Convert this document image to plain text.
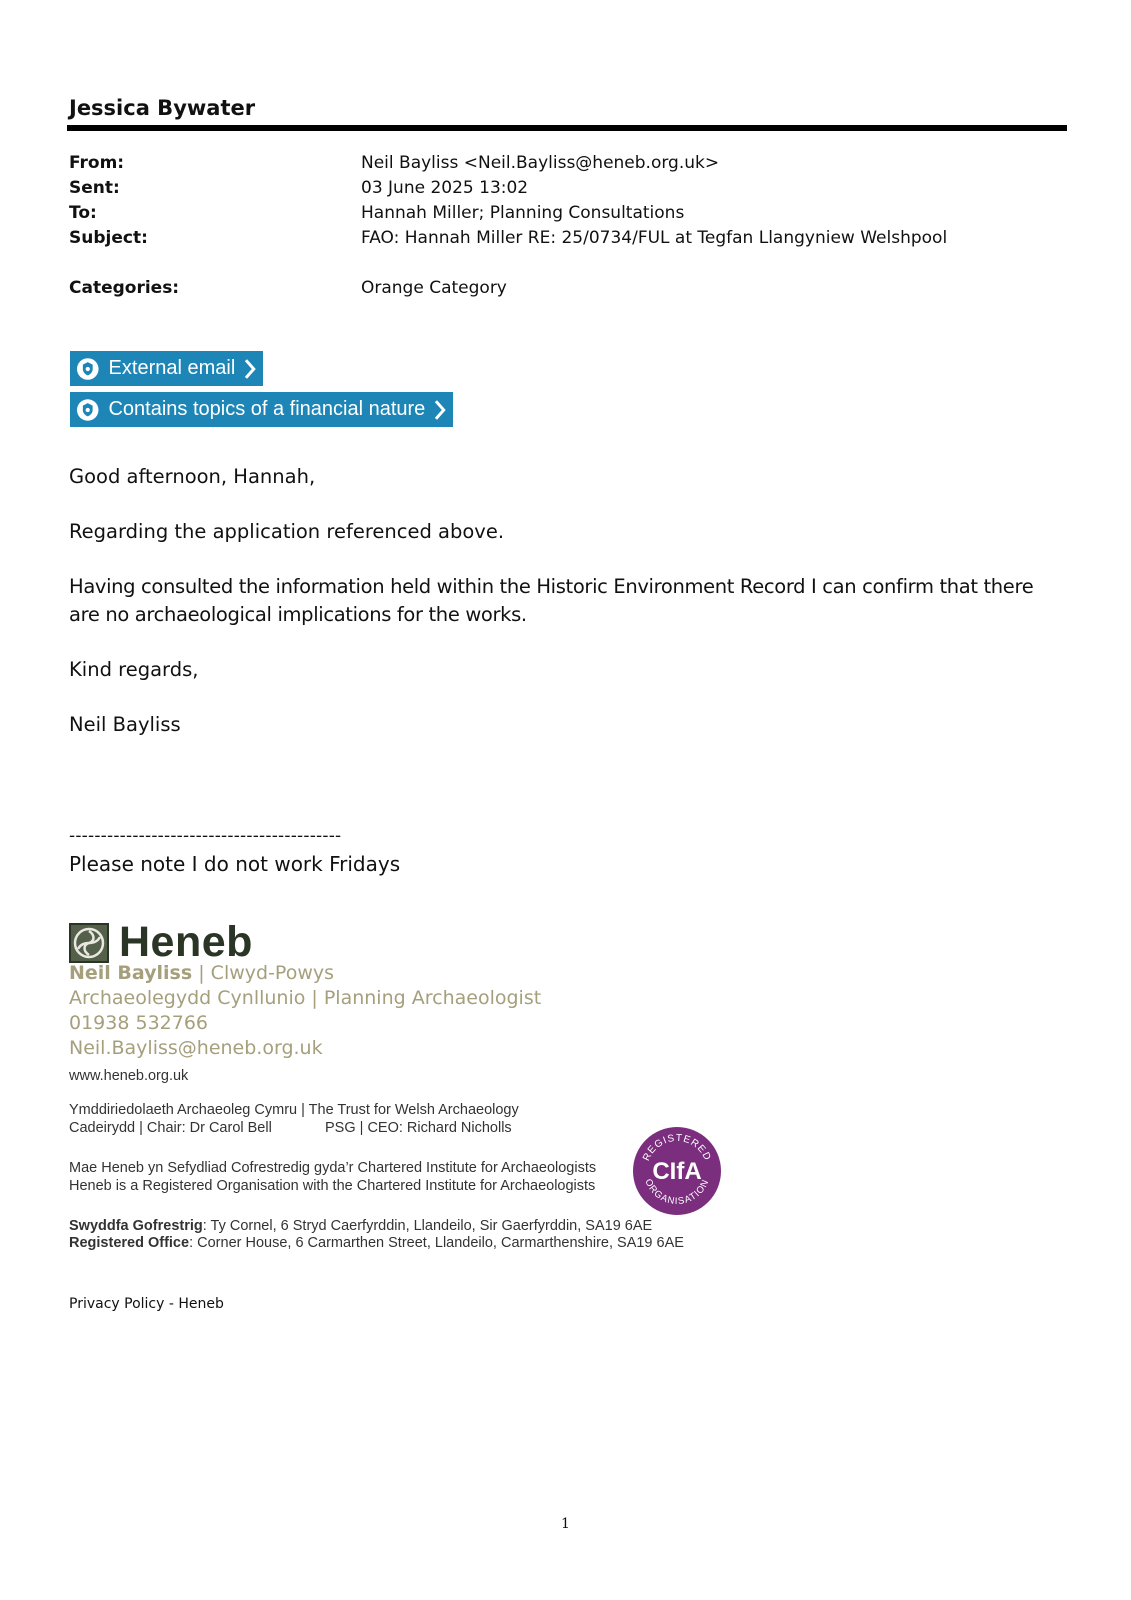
Jessica Bywater
From:	Neil Bayliss <Neil.Bayliss@heneb.org.uk>
Sent:	03 June 2025 13:02
To:	Hannah Miller; Planning Consultations
Subject:	FAO: Hannah Miller RE: 25/0734/FUL at Tegfan Llangyniew Welshpool
Categories:	Orange Category
External email
Contains topics of a financial nature
Good afternoon, Hannah,
Regarding the application referenced above.
Having consulted the information held within the Historic Environment Record I can confirm that there are no archaeological implications for the works.
Kind regards,
Neil Bayliss
-------------------------------------------
Please note I do not work Fridays
Heneb
Neil Bayliss | Clwyd-Powys
Archaeolegydd Cynllunio | Planning Archaeologist
01938 532766
Neil.Bayliss@heneb.org.uk
www.heneb.org.uk
Ymddiriedolaeth Archaeoleg Cymru | The Trust for Welsh Archaeology
Cadeirydd | Chair: Dr Carol Bell	PSG | CEO: Richard Nicholls
Mae Heneb yn Sefydliad Cofrestredig gyda’r Chartered Institute for Archaeologists
Heneb is a Registered Organisation with the Chartered Institute for Archaeologists
REGISTERED
ORGANISATION
CIfA
Swyddfa Gofrestrig: Ty Cornel, 6 Stryd Caerfyrddin, Llandeilo, Sir Gaerfyrddin, SA19 6AE
Registered Office: Corner House, 6 Carmarthen Street, Llandeilo, Carmarthenshire, SA19 6AE
Privacy Policy - Heneb
1
